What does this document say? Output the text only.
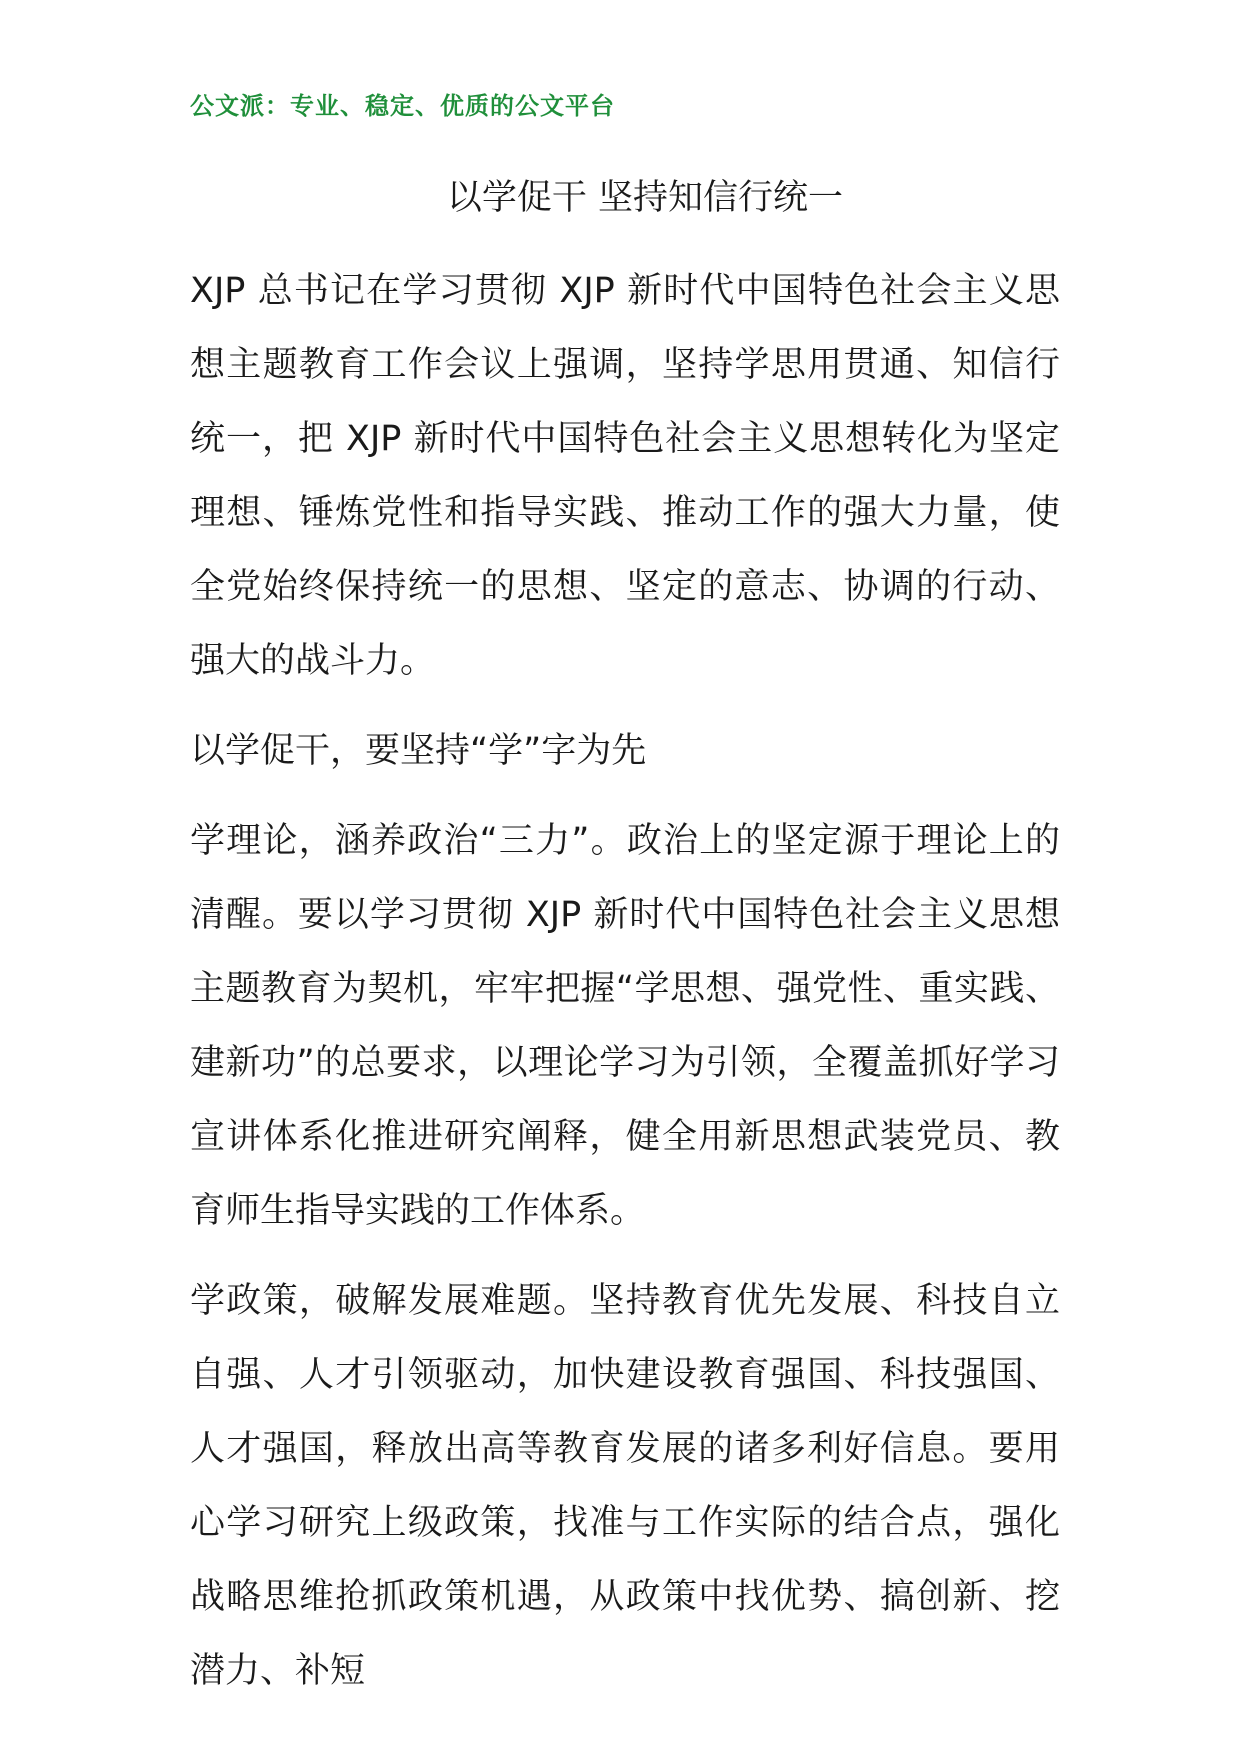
公文派：专业、稳定、优质的公文平台
以学促干 坚持知信行统一

XJP 总书记在学习贯彻 XJP 新时代中国特色社会主义思想主题教育工作会议上强调，坚持学思用贯通、知信行统一，把 XJP 新时代中国特色社会主义思想转化为坚定理想、锤炼党性和指导实践、推动工作的强大力量，使全党始终保持统一的思想、坚定的意志、协调的行动、强大的战斗力。

以学促干，要坚持“学”字为先

学理论，涵养政治“三力”。政治上的坚定源于理论上的清醒。要以学习贯彻 XJP 新时代中国特色社会主义思想主题教育为契机，牢牢把握“学思想、强党性、重实践、建新功”的总要求，以理论学习为引领，全覆盖抓好学习宣讲体系化推进研究阐释，健全用新思想武装党员、教育师生指导实践的工作体系。

学政策，破解发展难题。坚持教育优先发展、科技自立自强、人才引领驱动，加快建设教育强国、科技强国、人才强国，释放出高等教育发展的诸多利好信息。要用心学习研究上级政策，找准与工作实际的结合点，强化战略思维抢抓政策机遇，从政策中找优势、搞创新、挖潜力、补短
